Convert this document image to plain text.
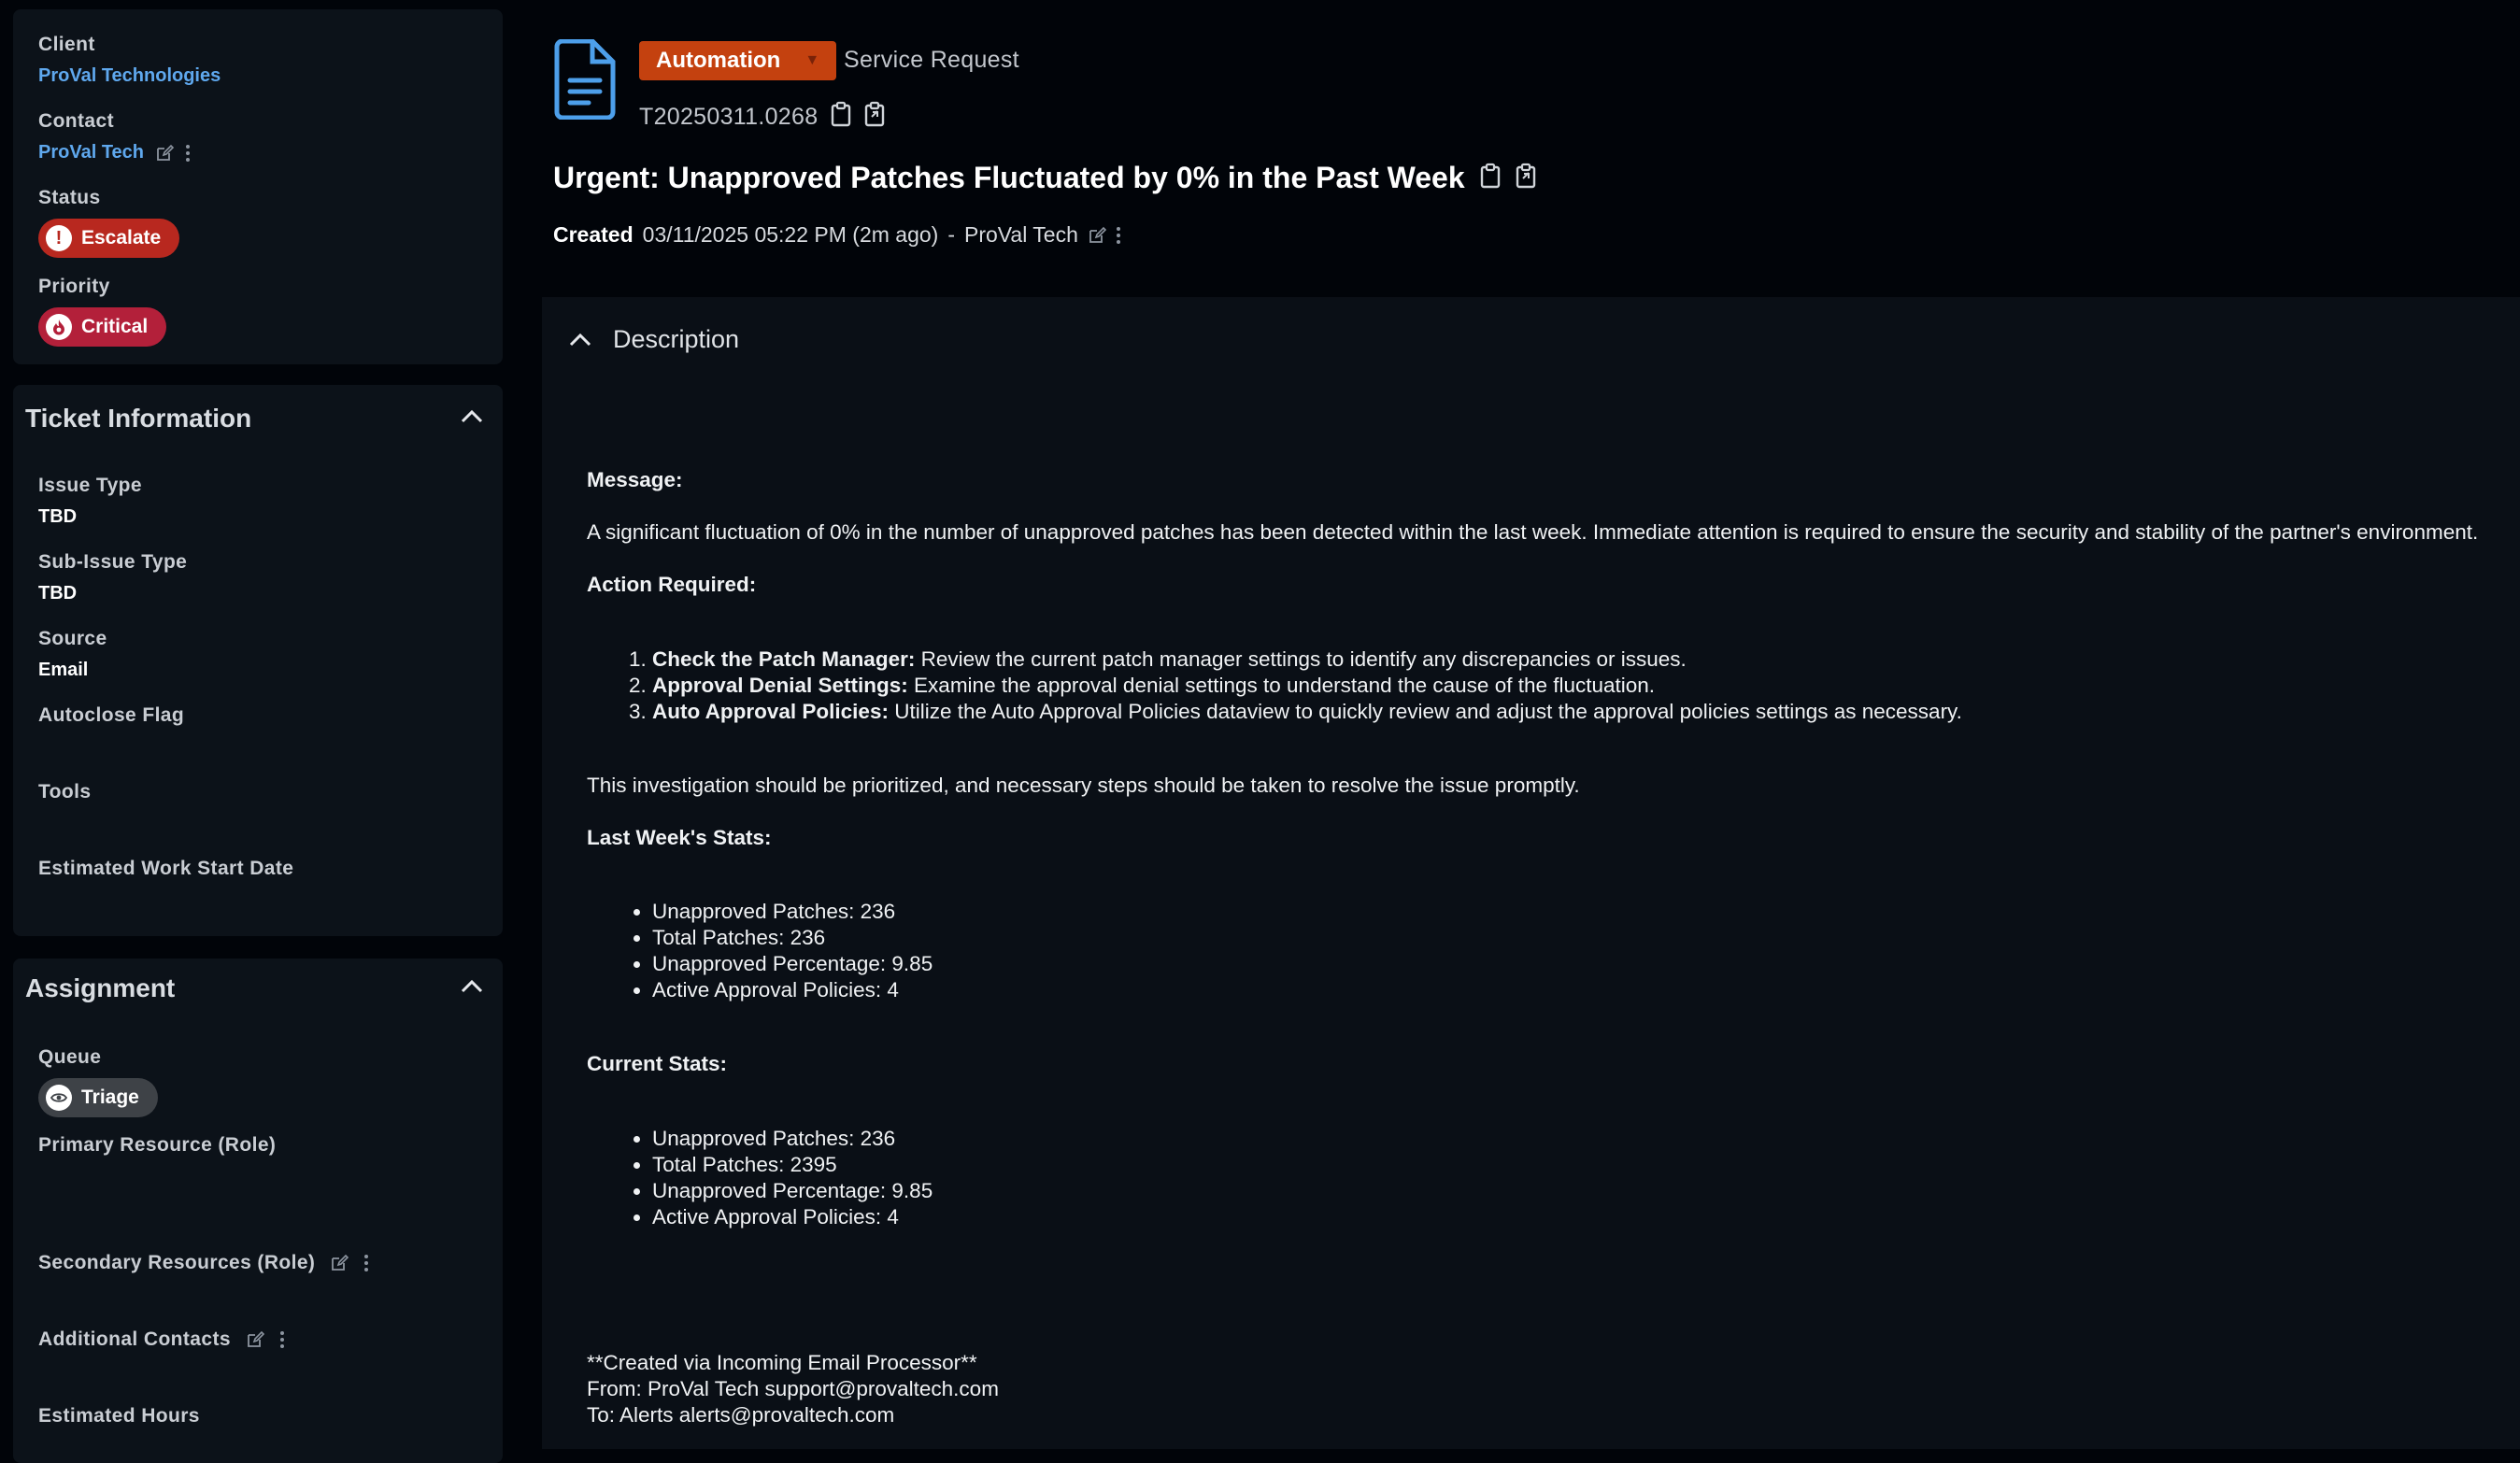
Client
ProVal Technologies
Contact
ProVal Tech
Status
! Escalate
Priority
Critical
Ticket Information
Issue Type
TBD
Sub-Issue Type
TBD
Source
Email
Autoclose Flag
Tools
Estimated Work Start Date
Assignment
Queue
Triage
Primary Resource (Role)
Secondary Resources (Role)
Additional Contacts
Estimated Hours
Automation ▼ Service Request
T20250311.0268
Urgent: Unapproved Patches Fluctuated by 0% in the Past Week
Created 03/11/2025 05:22 PM (2m ago) - ProVal Tech
Description

Message:

A significant fluctuation of 0% in the number of unapproved patches has been detected within the last week. Immediate attention is required to ensure the security and stability of the partner's environment.

Action Required:

1. Check the Patch Manager: Review the current patch manager settings to identify any discrepancies or issues.
2. Approval Denial Settings: Examine the approval denial settings to understand the cause of the fluctuation.
3. Auto Approval Policies: Utilize the Auto Approval Policies dataview to quickly review and adjust the approval policies settings as necessary.

This investigation should be prioritized, and necessary steps should be taken to resolve the issue promptly.

Last Week's Stats:

• Unapproved Patches: 236
• Total Patches: 236
• Unapproved Percentage: 9.85
• Active Approval Policies: 4

Current Stats:

• Unapproved Patches: 236
• Total Patches: 2395
• Unapproved Percentage: 9.85
• Active Approval Policies: 4

**Created via Incoming Email Processor**

From: ProVal Tech support@provaltech.com

To: Alerts alerts@provaltech.com
